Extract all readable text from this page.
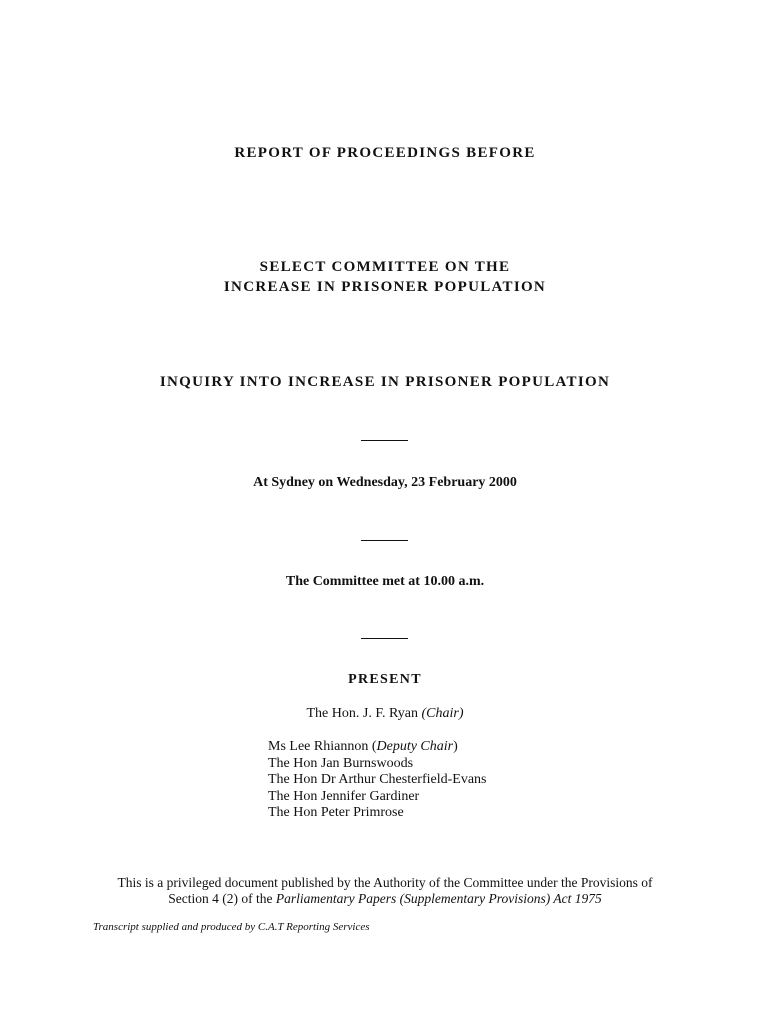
REPORT OF PROCEEDINGS BEFORE
SELECT COMMITTEE ON THE
INCREASE IN PRISONER POPULATION
INQUIRY INTO INCREASE IN PRISONER POPULATION
At Sydney on Wednesday, 23 February 2000
The Committee met at 10.00 a.m.
PRESENT
The Hon. J. F. Ryan (Chair)
Ms Lee Rhiannon (Deputy Chair)
The Hon Jan Burnswoods
The Hon Dr Arthur Chesterfield-Evans
The Hon Jennifer Gardiner
The Hon Peter Primrose
This is a privileged document published by the Authority of the Committee under the Provisions of
Section 4 (2) of the Parliamentary Papers (Supplementary Provisions) Act 1975
Transcript supplied and produced by C.A.T Reporting Services
